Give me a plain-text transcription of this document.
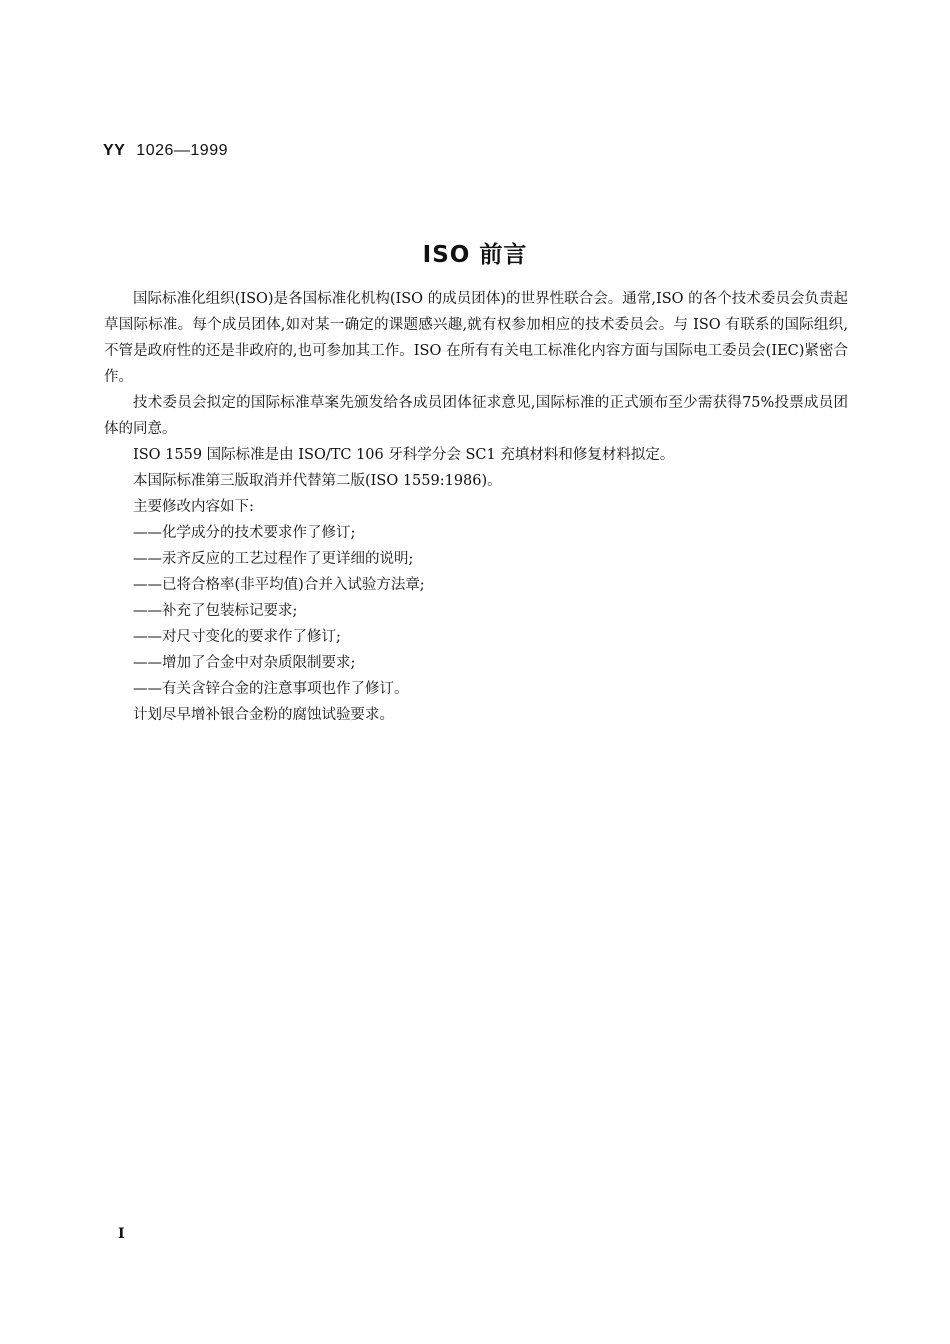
YY 1026—1999
ISO 前言

国际标准化组织(ISO)是各国标准化机构(ISO 的成员团体)的世界性联合会。通常,ISO 的各个技术委员会负责起草国际标准。每个成员团体,如对某一确定的课题感兴趣,就有权参加相应的技术委员会。与 ISO 有联系的国际组织,不管是政府性的还是非政府的,也可参加其工作。ISO 在所有有关电工标准化内容方面与国际电工委员会(IEC)紧密合作。

技术委员会拟定的国际标准草案先颁发给各成员团体征求意见,国际标准的正式颁布至少需获得75%投票成员团体的同意。

ISO 1559 国际标准是由 ISO/TC 106 牙科学分会 SC1 充填材料和修复材料拟定。

本国际标准第三版取消并代替第二版(ISO 1559:1986)。

主要修改内容如下:

——化学成分的技术要求作了修订;
——汞齐反应的工艺过程作了更详细的说明;
——已将合格率(非平均值)合并入试验方法章;
——补充了包装标记要求;
——对尺寸变化的要求作了修订;
——增加了合金中对杂质限制要求;
——有关含锌合金的注意事项也作了修订。

计划尽早增补银合金粉的腐蚀试验要求。

I
